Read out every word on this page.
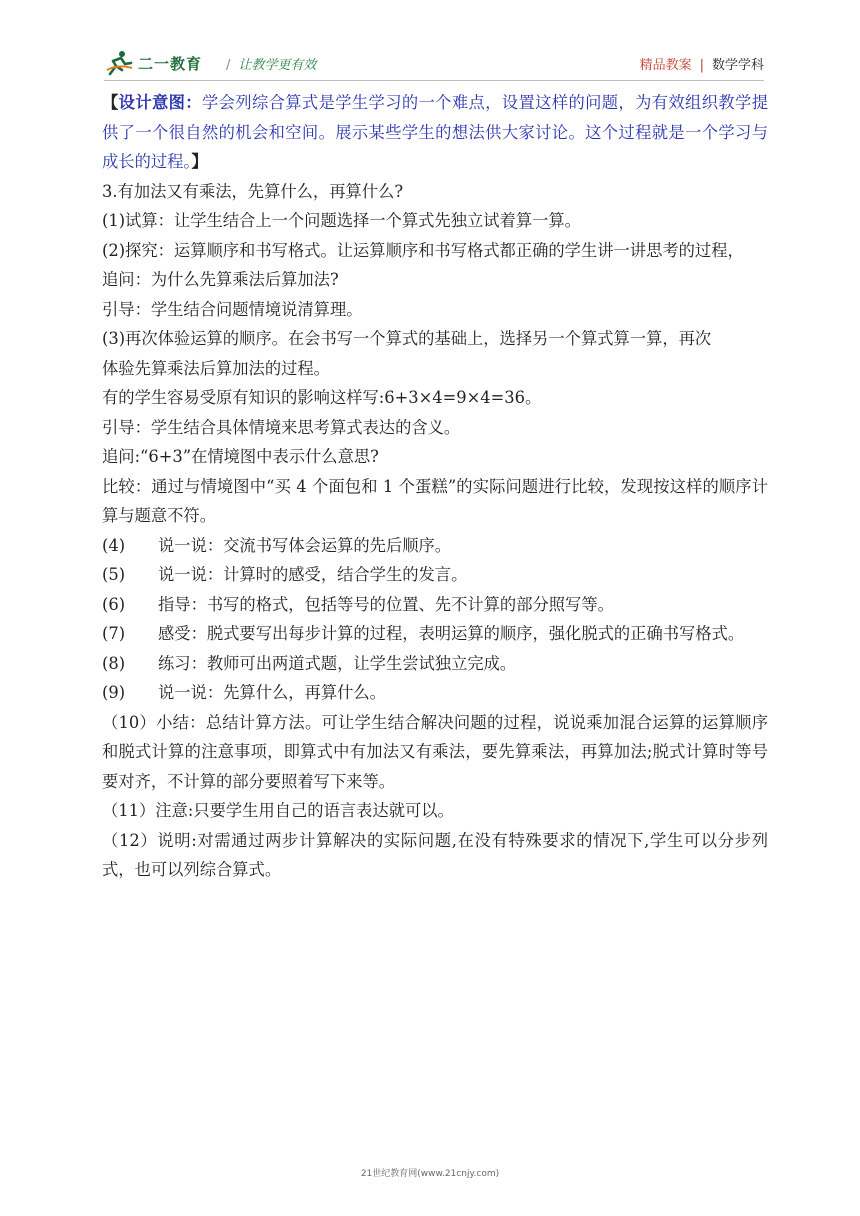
二一教育 / 让教学更有效	精品教案 | 数学学科

【设计意图：学会列综合算式是学生学习的一个难点，设置这样的问题，为有效组织教学提供了一个很自然的机会和空间。展示某些学生的想法供大家讨论。这个过程就是一个学习与成长的过程。】

3.有加法又有乘法，先算什么，再算什么?

(1)试算：让学生结合上一个问题选择一个算式先独立试着算一算。

(2)探究：运算顺序和书写格式。让运算顺序和书写格式都正确的学生讲一讲思考的过程，

追问：为什么先算乘法后算加法?

引导：学生结合问题情境说清算理。

(3)再次体验运算的顺序。在会书写一个算式的基础上，选择另一个算式算一算，再次

体验先算乘法后算加法的过程。

有的学生容易受原有知识的影响这样写:6+3×4=9×4=36。

引导：学生结合具体情境来思考算式表达的含义。

追问:“6+3”在情境图中表示什么意思?

比较：通过与情境图中“买 4 个面包和 1 个蛋糕”的实际问题进行比较，发现按这样的顺序计算与题意不符。

(4) 说一说：交流书写体会运算的先后顺序。

(5) 说一说：计算时的感受，结合学生的发言。

(6) 指导：书写的格式，包括等号的位置、先不计算的部分照写等。

(7) 感受：脱式要写出每步计算的过程，表明运算的顺序，强化脱式的正确书写格式。

(8) 练习：教师可出两道式题，让学生尝试独立完成。

(9) 说一说：先算什么，再算什么。

（10）小结：总结计算方法。可让学生结合解决问题的过程，说说乘加混合运算的运算顺序和脱式计算的注意事项，即算式中有加法又有乘法，要先算乘法，再算加法;脱式计算时等号要对齐，不计算的部分要照着写下来等。

（11）注意:只要学生用自己的语言表达就可以。

（12）说明:对需通过两步计算解决的实际问题,在没有特殊要求的情况下,学生可以分步列式，也可以列综合算式。

21世纪教育网(www.21cnjy.com)
